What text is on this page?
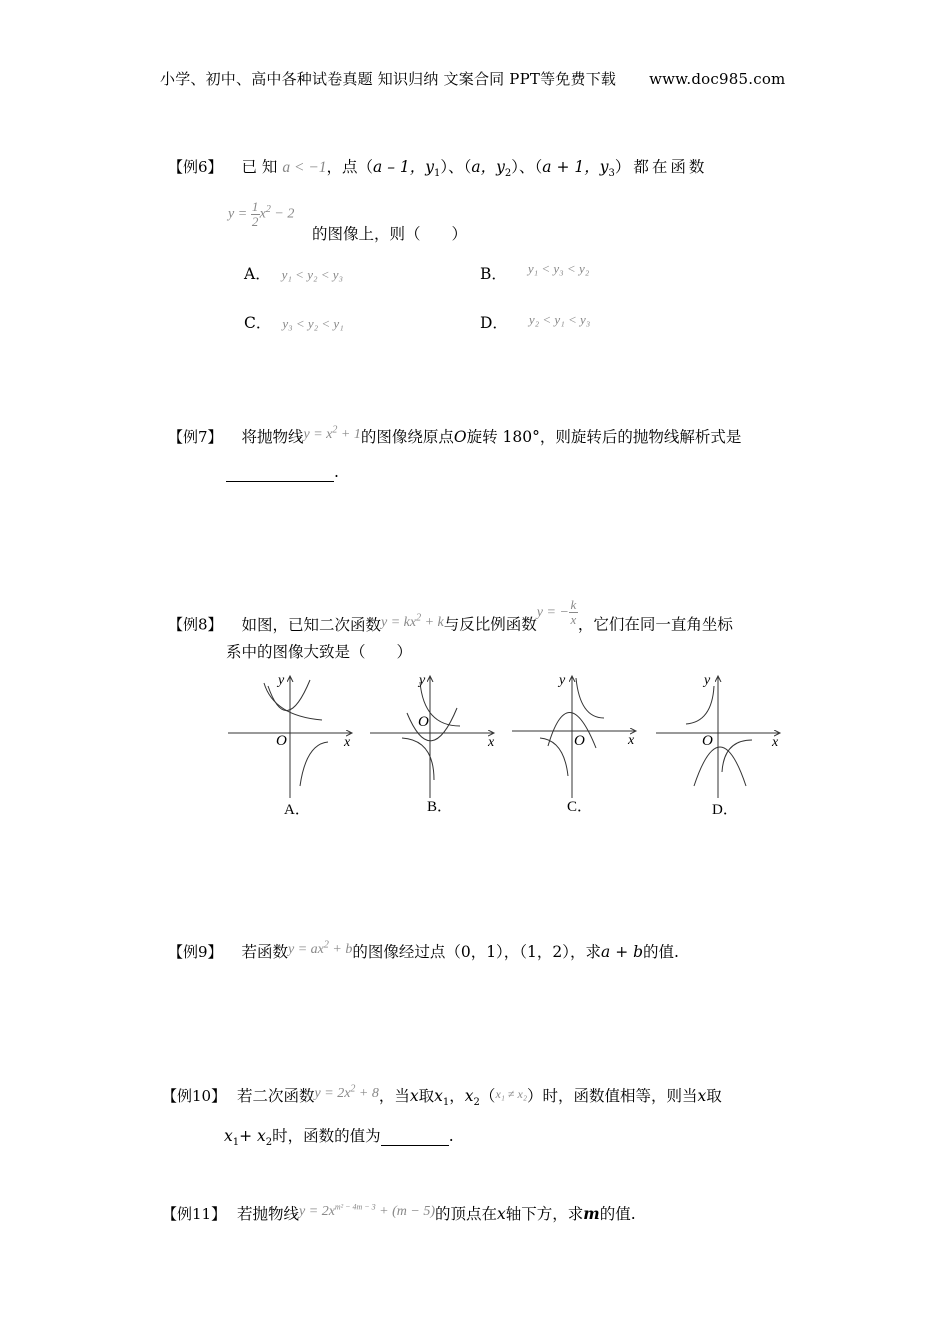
小学、初中、高中各种试卷真题 知识归纳 文案合同 PPT等免费下载 www.doc985.com
【例6】 已 知 a < −1，点（a – 1，$y_1$）、（a，$y_2$）、（a + 1，$y_3$）都在函数
$y = \frac{1}{2} x^2 - 2$
的图像上，则（　　）
A． y₁ < y₂ < y₃	B． $^{y_1 < y_3 < y_2}$
C． y₃ < y₂ < y₁	D． $^{y_2 < y_1 < y_3}$
【例7】 将抛物线$y = x^2 + 1$的图像绕原点O旋转 180°，则旋转后的抛物线解析式是
.
【例8】 如图，已知二次函数$y = kx^2 + k$与反比例函数y = − $\frac{k}{x}$ ，它们在同一直角坐标
系中的图像大致是（　　）
O	x
y
A．
O
x
y
B．
O	x
y
C．
O	x
y
D．
【例9】 若函数$y = ax^2 + b$的图像经过点（0，1），（1，2），求a + b的值.
【例10】 若二次函数$y = 2x^2 + 8$，当x取$x_1$，$x_2(x_1 \ne x_2)$时，函数值相等，则当x取
$x_1+ x_2$时，函数的值为	.
【例11】 若抛物线$y = 2x^{m^2 - 4m - 3} + (m - 5)$的顶点在x轴下方，求m的值.
